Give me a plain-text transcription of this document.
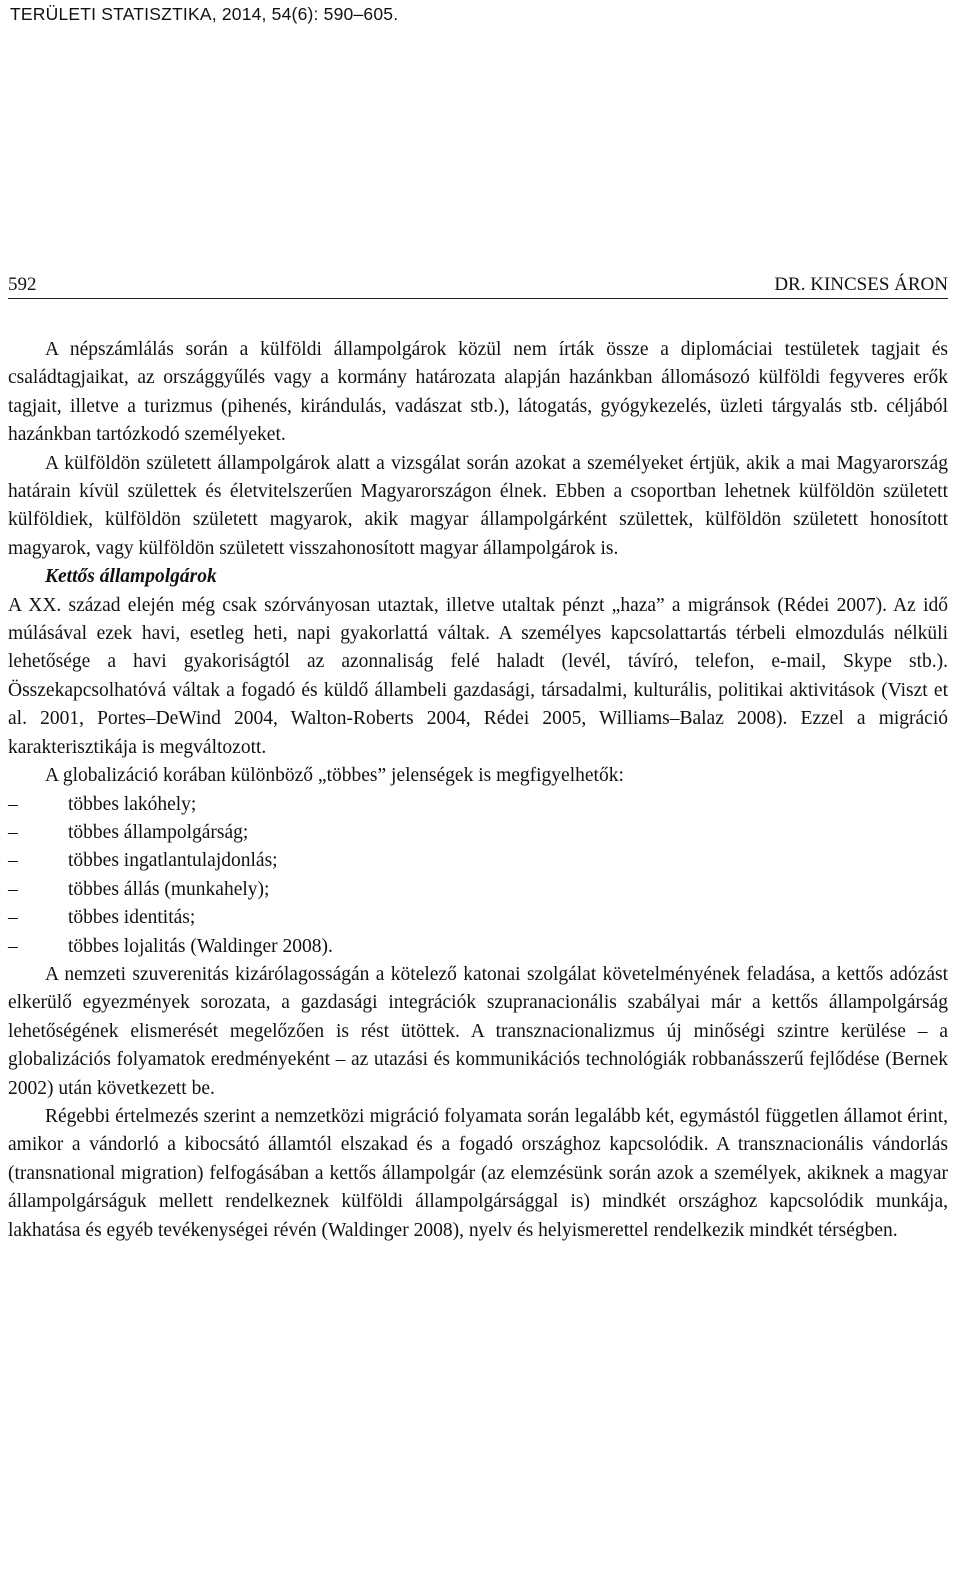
TERÜLETI STATISZTIKA, 2014, 54(6): 590–605.
592	DR. KINCSES ÁRON

A népszámlálás során a külföldi állampolgárok közül nem írták össze a diplomáciai testületek tagjait és családtagjaikat, az országgyűlés vagy a kormány határozata alapján hazánkban állomásozó külföldi fegyveres erők tagjait, illetve a turizmus (pihenés, kirándulás, vadászat stb.), látogatás, gyógykezelés, üzleti tárgyalás stb. céljából hazánkban tartózkodó személyeket.

A külföldön született állampolgárok alatt a vizsgálat során azokat a személyeket értjük, akik a mai Magyarország határain kívül születtek és életvitelszerűen Magyarországon élnek. Ebben a csoportban lehetnek külföldön született külföldiek, külföldön született magyarok, akik magyar állampolgárként születtek, külföldön született honosított magyarok, vagy külföldön született visszahonosított magyar állampolgárok is.

Kettős állampolgárok

A XX. század elején még csak szórványosan utaztak, illetve utaltak pénzt „haza” a migránsok (Rédei 2007). Az idő múlásával ezek havi, esetleg heti, napi gyakorlattá váltak. A személyes kapcsolattartás térbeli elmozdulás nélküli lehetősége a havi gyakoriságtól az azonnaliság felé haladt (levél, távíró, telefon, e-mail, Skype stb.). Összekapcsolhatóvá váltak a fogadó és küldő állambeli gazdasági, társadalmi, kulturális, politikai aktivitások (Viszt et al. 2001, Portes–DeWind 2004, Walton-Roberts 2004, Rédei 2005, Williams–Balaz 2008). Ezzel a migráció karakterisztikája is megváltozott.

A globalizáció korában különböző „többes” jelenségek is megfigyelhetők:

–	többes lakóhely;
–	többes állampolgárság;
–	többes ingatlantulajdonlás;
–	többes állás (munkahely);
–	többes identitás;
–	többes lojalitás (Waldinger 2008).

A nemzeti szuverenitás kizárólagosságán a kötelező katonai szolgálat követelményének feladása, a kettős adózást elkerülő egyezmények sorozata, a gazdasági integrációk szupranacionális szabályai már a kettős állampolgárság lehetőségének elismerését megelőzően is rést ütöttek. A transznacionalizmus új minőségi szintre kerülése – a globalizációs folyamatok eredményeként – az utazási és kommunikációs technológiák robbanásszerű fejlődése (Bernek 2002) után következett be.

Régebbi értelmezés szerint a nemzetközi migráció folyamata során legalább két, egymástól független államot érint, amikor a vándorló a kibocsátó államtól elszakad és a fogadó országhoz kapcsolódik. A transznacionális vándorlás (transnational migration) felfogásában a kettős állampolgár (az elemzésünk során azok a személyek, akiknek a magyar állampolgárságuk mellett rendelkeznek külföldi állampolgársággal is) mindkét országhoz kapcsolódik munkája, lakhatása és egyéb tevékenységei révén (Waldinger 2008), nyelv és helyismerettel rendelkezik mindkét térségben.
